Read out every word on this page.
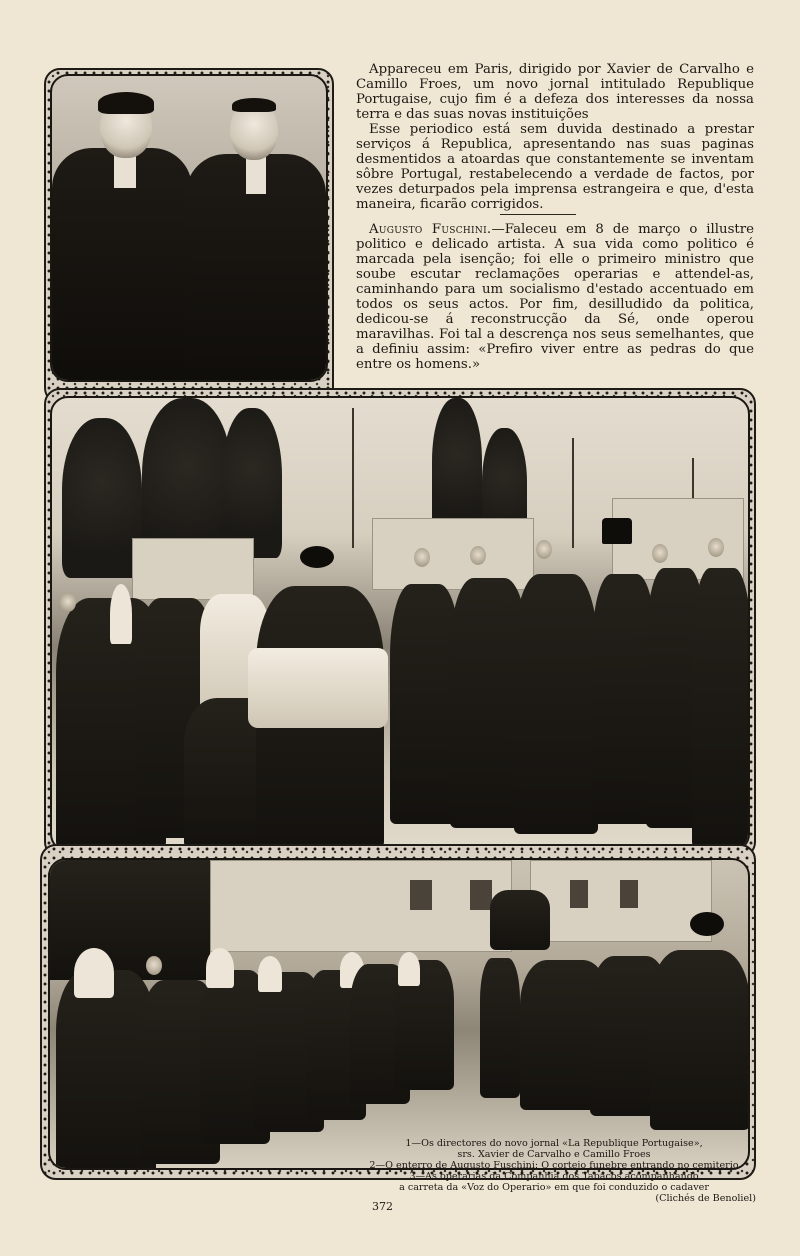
Appareceu em Paris, dirigido por Xavier de Carvalho e Camillo Froes, um novo jornal intitulado Republique Portugaise, cujo fim é a defeza dos interesses da nossa terra e das suas novas instituições

Esse periodico está sem duvida destinado a prestar serviços á Republica, apresentando nas suas paginas desmentidos a atoardas que constantemente se inventam sôbre Portugal, restabelecendo a verdade de factos, por vezes deturpados pela imprensa estrangeira e que, d'esta maneira, ficarão corrigidos.

Augusto Fuschini.—Faleceu em 8 de março o illustre politico e delicado artista. A sua vida como politico é marcada pela isenção; foi elle o primeiro ministro que soube escutar reclamações operarias e attendel-as, caminhando para um socialismo d'estado accentuado em todos os seus actos. Por fim, desilludido da politica, dedicou-se á reconstrucção da Sé, onde operou maravilhas. Foi tal a descrença nos seus semelhantes, que a definiu assim: «Prefiro viver entre as pedras do que entre os homens.»

1—Os directores do novo jornal «La Republique Portugaise»,
srs. Xavier de Carvalho e Camillo Froes
2—O enterro de Augusto Fuschini: O cortejo funebre entrando no cemiterio
3—As operarias da Companhia dos Tabacos acompanhando
a carreta da «Voz do Operario» em que foi conduzido o cadaver
(Clichés de Benoliel)
372
